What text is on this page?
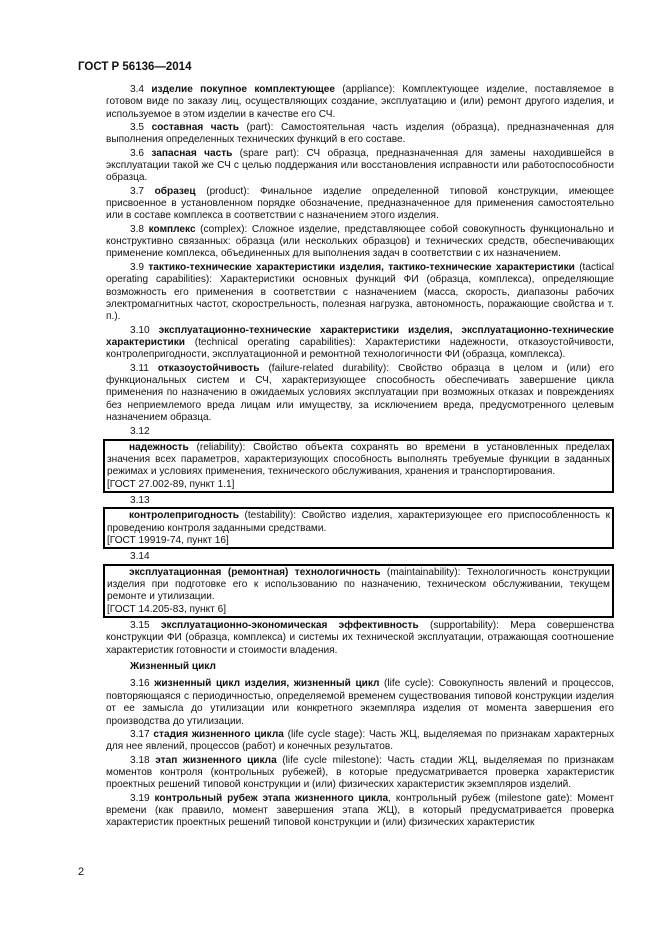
ГОСТ Р 56136—2014

3.4 изделие покупное комплектующее (appliance): Комплектующее изделие, поставляемое в готовом виде по заказу лиц, осуществляющих создание, эксплуатацию и (или) ремонт другого изделия, и используемое в этом изделии в качестве его СЧ.

3.5 составная часть (part): Самостоятельная часть изделия (образца), предназначенная для выполнения определенных технических функций в его составе.

3.6 запасная часть (spare part): СЧ образца, предназначенная для замены находившейся в эксплуатации такой же СЧ с целью поддержания или восстановления исправности или работоспособности образца.

3.7 образец (product): Финальное изделие определенной типовой конструкции, имеющее присвоенное в установленном порядке обозначение, предназначенное для применения самостоятельно или в составе комплекса в соответствии с назначением этого изделия.

3.8 комплекс (complex): Сложное изделие, представляющее собой совокупность функционально и конструктивно связанных: образца (или нескольких образцов) и технических средств, обеспечивающих применение комплекса, объединенных для выполнения задач в соответствии с их назначением.

3.9 тактико-технические характеристики изделия, тактико-технические характеристики (tactical operating capabilities): Характеристики основных функций ФИ (образца, комплекса), определяющие возможность его применения в соответствии с назначением (масса, скорость, диапазоны рабочих электромагнитных частот, скорострельность, полезная нагрузка, автономность, поражающие свойства и т. п.).

3.10 эксплуатационно-технические характеристики изделия, эксплуатационно-технические характеристики (technical operating capabilities): Характеристики надежности, отказоустойчивости, контролепригодности, эксплуатационной и ремонтной технологичности ФИ (образца, комплекса).

3.11 отказоустойчивость (failure-related durability): Свойство образца в целом и (или) его функциональных систем и СЧ, характеризующее способность обеспечивать завершение цикла применения по назначению в ожидаемых условиях эксплуатации при возможных отказах и повреждениях без неприемлемого вреда лицам или имуществу, за исключением вреда, предусмотренного целевым назначением образца.

3.12
надежность (reliability): Свойство объекта сохранять во времени в установленных пределах значения всех параметров, характеризующих способность выполнять требуемые функции в заданных режимах и условиях применения, технического обслуживания, хранения и транспортирования.
[ГОСТ 27.002-89, пункт 1.1]
3.13
контролепригодность (testability): Свойство изделия, характеризующее его приспособленность к проведению контроля заданными средствами.
[ГОСТ 19919-74, пункт 16]
3.14
эксплуатационная (ремонтная) технологичность (maintainability): Технологичность конструкции изделия при подготовке его к использованию по назначению, техническом обслуживании, текущем ремонте и утилизации.
[ГОСТ 14.205-83, пункт 6]

3.15 эксплуатационно-экономическая эффективность (supportability): Мера совершенства конструкции ФИ (образца, комплекса) и системы их технической эксплуатации, отражающая соотношение характеристик готовности и стоимости владения.

Жизненный цикл

3.16 жизненный цикл изделия, жизненный цикл (life cycle): Совокупность явлений и процессов, повторяющаяся с периодичностью, определяемой временем существования типовой конструкции изделия от ее замысла до утилизации или конкретного экземпляра изделия от момента завершения его производства до утилизации.

3.17 стадия жизненного цикла (life cycle stage): Часть ЖЦ, выделяемая по признакам характерных для нее явлений, процессов (работ) и конечных результатов.

3.18 этап жизненного цикла (life cycle milestone): Часть стадии ЖЦ, выделяемая по признакам моментов контроля (контрольных рубежей), в которые предусматривается проверка характеристик проектных решений типовой конструкции и (или) физических характеристик экземпляров изделий.

3.19 контрольный рубеж этапа жизненного цикла, контрольный рубеж (milestone gate): Момент времени (как правило, момент завершения этапа ЖЦ), в который предусматривается проверка характеристик проектных решений типовой конструкции и (или) физических характеристик

2
